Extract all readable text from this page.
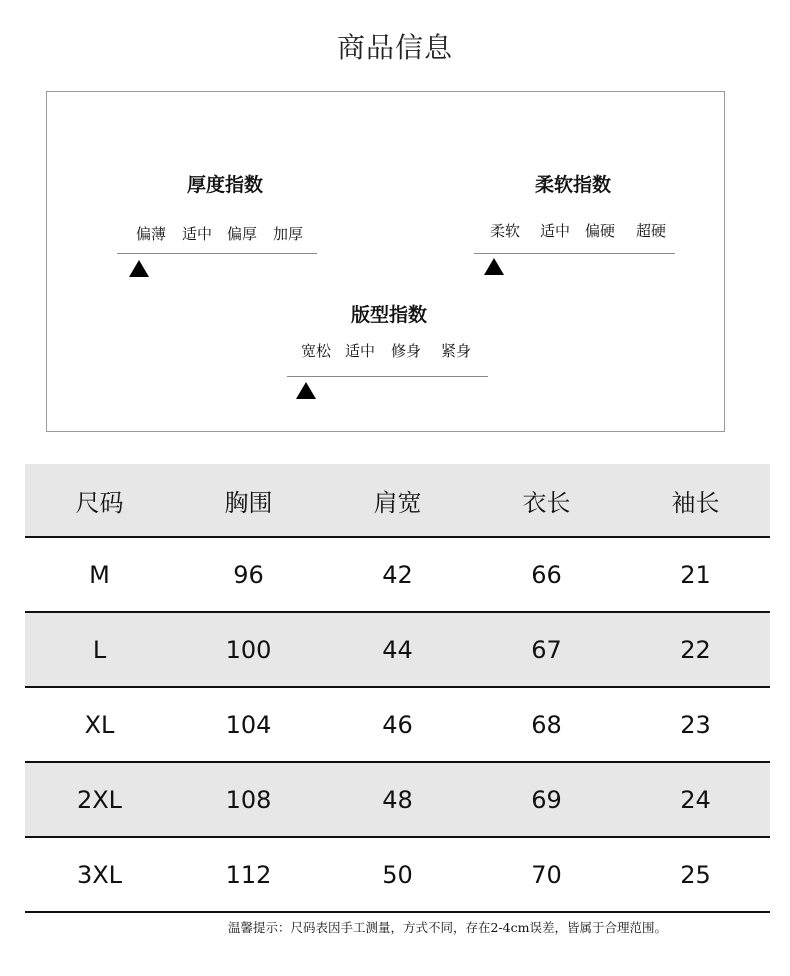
商品信息
厚度指数
偏薄 适中 偏厚 加厚
柔软指数
柔软 适中 偏硬 超硬
版型指数
宽松 适中 修身 紧身
尺码	胸围	肩宽	衣长	袖长
M	96	42	66	21
L	100	44	67	22
XL	104	46	68	23
2XL	108	48	69	24
3XL	112	50	70	25
温馨提示：尺码表因手工测量，方式不同，存在2-4cm误差，皆属于合理范围。
